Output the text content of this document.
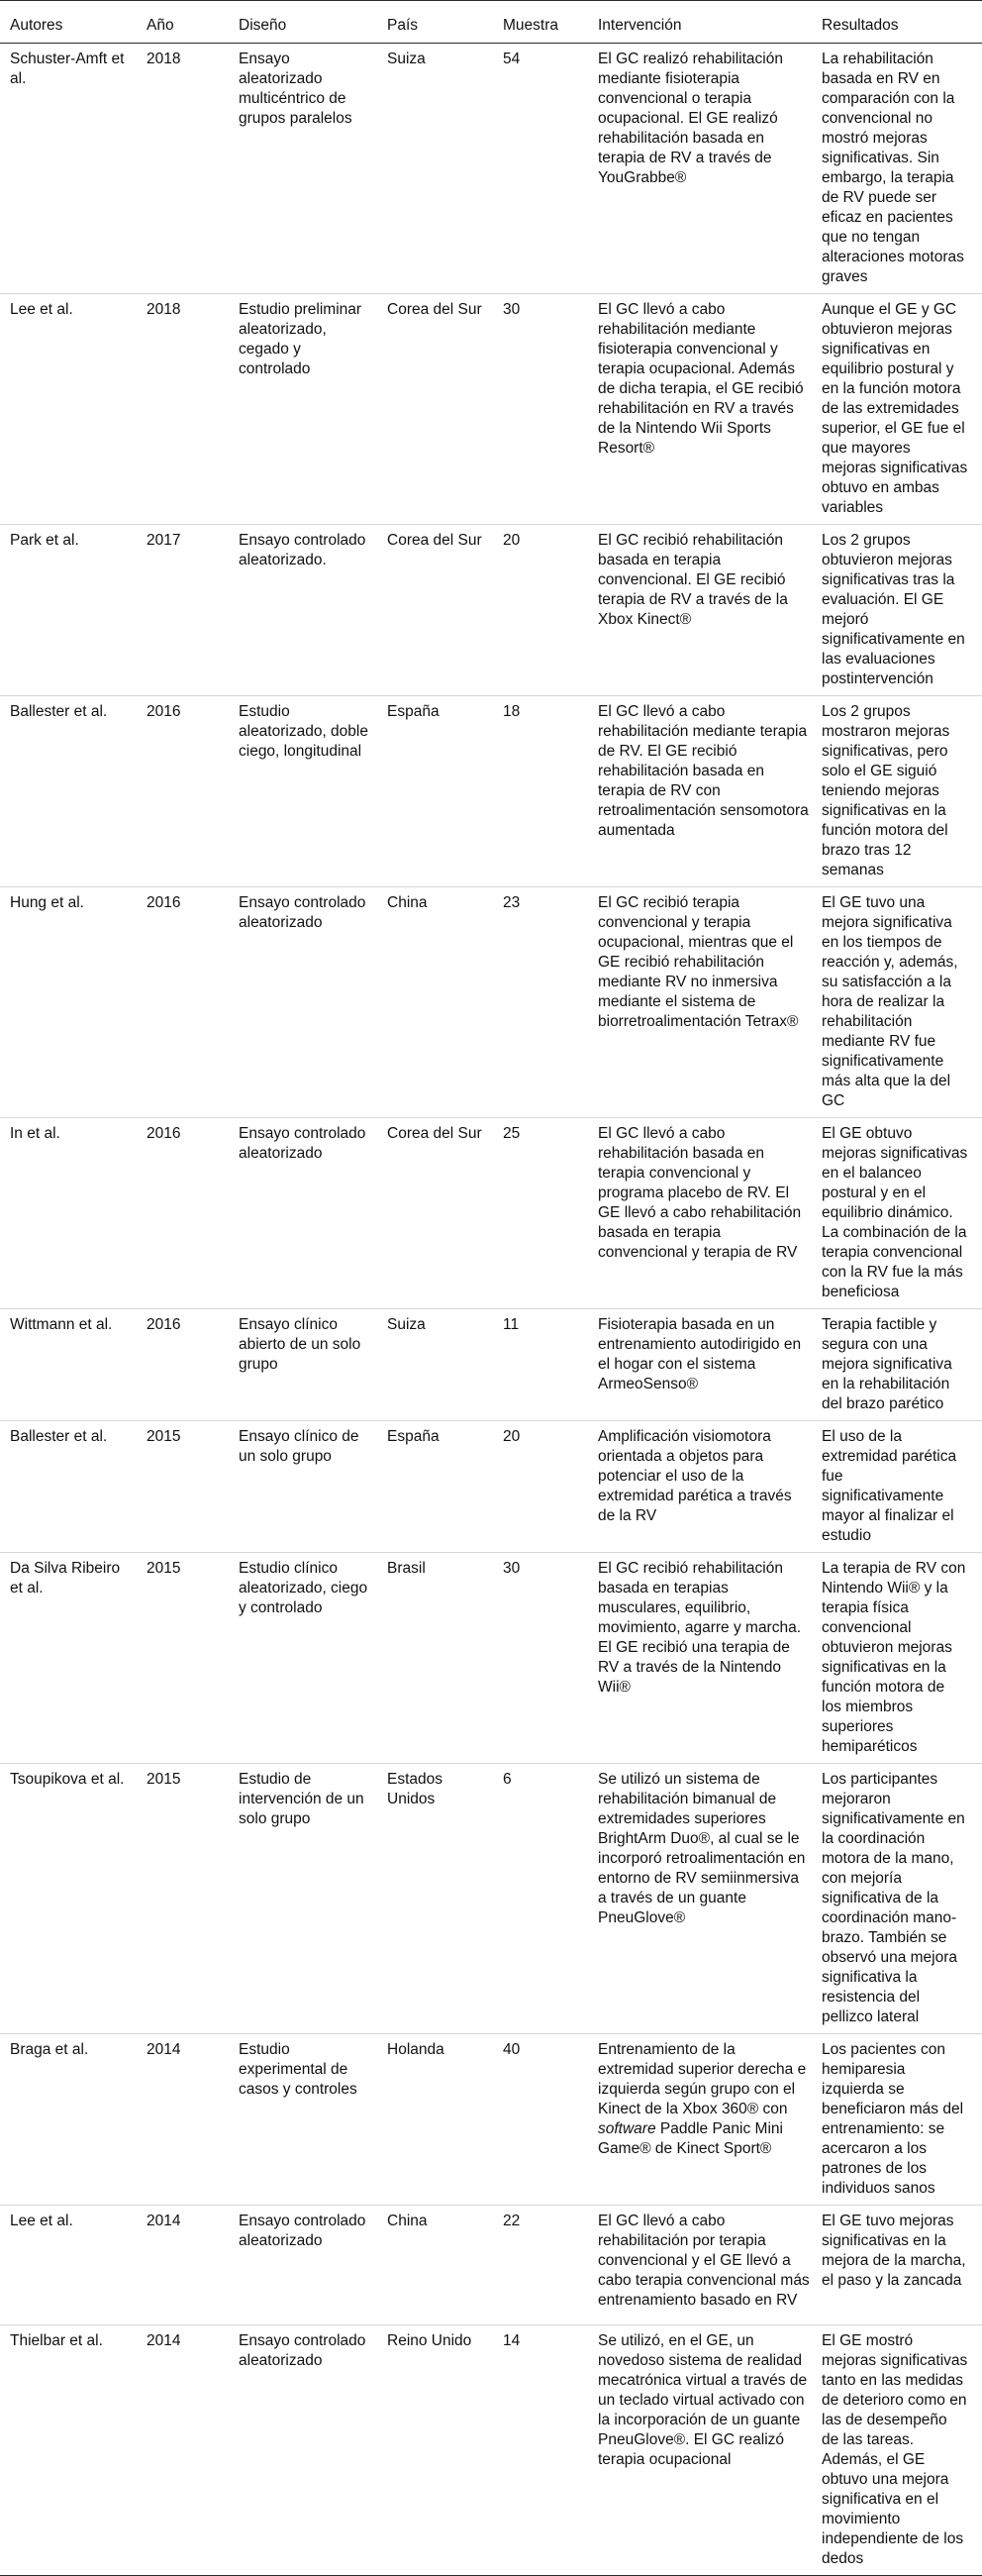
Autores	Año	Diseño	País	Muestra	Intervención	Resultados
Schuster-Amft et al.	2018	Ensayo aleatorizado multicéntrico de grupos paralelos	Suiza	54	El GC realizó rehabilitación mediante fisioterapia convencional o terapia ocupacional. El GE realizó rehabilitación basada en terapia de RV a través de YouGrabbe®	La rehabilitación basada en RV en comparación con la convencional no mostró mejoras significativas. Sin embargo, la terapia de RV puede ser eficaz en pacientes que no tengan alteraciones motoras graves
Lee et al.	2018	Estudio preliminar aleatorizado, cegado y controlado	Corea del Sur	30	El GC llevó a cabo rehabilitación mediante fisioterapia convencional y terapia ocupacional. Además de dicha terapia, el GE recibió rehabilitación en RV a través de la Nintendo Wii Sports Resort®	Aunque el GE y GC obtuvieron mejoras significativas en equilibrio postural y en la función motora de las extremidades superior, el GE fue el que mayores mejoras significativas obtuvo en ambas variables
Park et al.	2017	Ensayo controlado aleatorizado.	Corea del Sur	20	El GC recibió rehabilitación basada en terapia convencional. El GE recibió terapia de RV a través de la Xbox Kinect®	Los 2 grupos obtuvieron mejoras significativas tras la evaluación. El GE mejoró significativamente en las evaluaciones postintervención
Ballester et al.	2016	Estudio aleatorizado, doble ciego, longitudinal	España	18	El GC llevó a cabo rehabilitación mediante terapia de RV. El GE recibió rehabilitación basada en terapia de RV con retroalimentación sensomotora aumentada	Los 2 grupos mostraron mejoras significativas, pero solo el GE siguió teniendo mejoras significativas en la función motora del brazo tras 12 semanas
Hung et al.	2016	Ensayo controlado aleatorizado	China	23	El GC recibió terapia convencional y terapia ocupacional, mientras que el GE recibió rehabilitación mediante RV no inmersiva mediante el sistema de biorretroalimentación Tetrax®	El GE tuvo una mejora significativa en los tiempos de reacción y, además, su satisfacción a la hora de realizar la rehabilitación mediante RV fue significativamente más alta que la del GC
In et al.	2016	Ensayo controlado aleatorizado	Corea del Sur	25	El GC llevó a cabo rehabilitación basada en terapia convencional y programa placebo de RV. El GE llevó a cabo rehabilitación basada en terapia convencional y terapia de RV	El GE obtuvo mejoras significativas en el balanceo postural y en el equilibrio dinámico. La combinación de la terapia convencional con la RV fue la más beneficiosa
Wittmann et al.	2016	Ensayo clínico abierto de un solo grupo	Suiza	11	Fisioterapia basada en un entrenamiento autodirigido en el hogar con el sistema ArmeoSenso®	Terapia factible y segura con una mejora significativa en la rehabilitación del brazo parético
Ballester et al.	2015	Ensayo clínico de un solo grupo	España	20	Amplificación visiomotora orientada a objetos para potenciar el uso de la extremidad parética a través de la RV	El uso de la extremidad parética fue significativamente mayor al finalizar el estudio
Da Silva Ribeiro et al.	2015	Estudio clínico aleatorizado, ciego y controlado	Brasil	30	El GC recibió rehabilitación basada en terapias musculares, equilibrio, movimiento, agarre y marcha. El GE recibió una terapia de RV a través de la Nintendo Wii®	La terapia de RV con Nintendo Wii® y la terapia física convencional obtuvieron mejoras significativas en la función motora de los miembros superiores hemiparéticos
Tsoupikova et al.	2015	Estudio de intervención de un solo grupo	Estados Unidos	6	Se utilizó un sistema de rehabilitación bimanual de extremidades superiores BrightArm Duo®, al cual se le incorporó retroalimentación en entorno de RV semiinmersiva a través de un guante PneuGlove®	Los participantes mejoraron significativamente en la coordinación motora de la mano, con mejoría significativa de la coordinación mano-brazo. También se observó una mejora significativa la resistencia del pellizco lateral
Braga et al.	2014	Estudio experimental de casos y controles	Holanda	40	Entrenamiento de la extremidad superior derecha e izquierda según grupo con el Kinect de la Xbox 360® con software Paddle Panic Mini Game® de Kinect Sport®	Los pacientes con hemiparesia izquierda se beneficiaron más del entrenamiento: se acercaron a los patrones de los individuos sanos
Lee et al.	2014	Ensayo controlado aleatorizado	China	22	El GC llevó a cabo rehabilitación por terapia convencional y el GE llevó a cabo terapia convencional más entrenamiento basado en RV	El GE tuvo mejoras significativas en la mejora de la marcha, el paso y la zancada
Thielbar et al.	2014	Ensayo controlado aleatorizado	Reino Unido	14	Se utilizó, en el GE, un novedoso sistema de realidad mecatrónica virtual a través de un teclado virtual activado con la incorporación de un guante PneuGlove®. El GC realizó terapia ocupacional	El GE mostró mejoras significativas tanto en las medidas de deterioro como en las de desempeño de las tareas. Además, el GE obtuvo una mejora significativa en el movimiento independiente de los dedos
